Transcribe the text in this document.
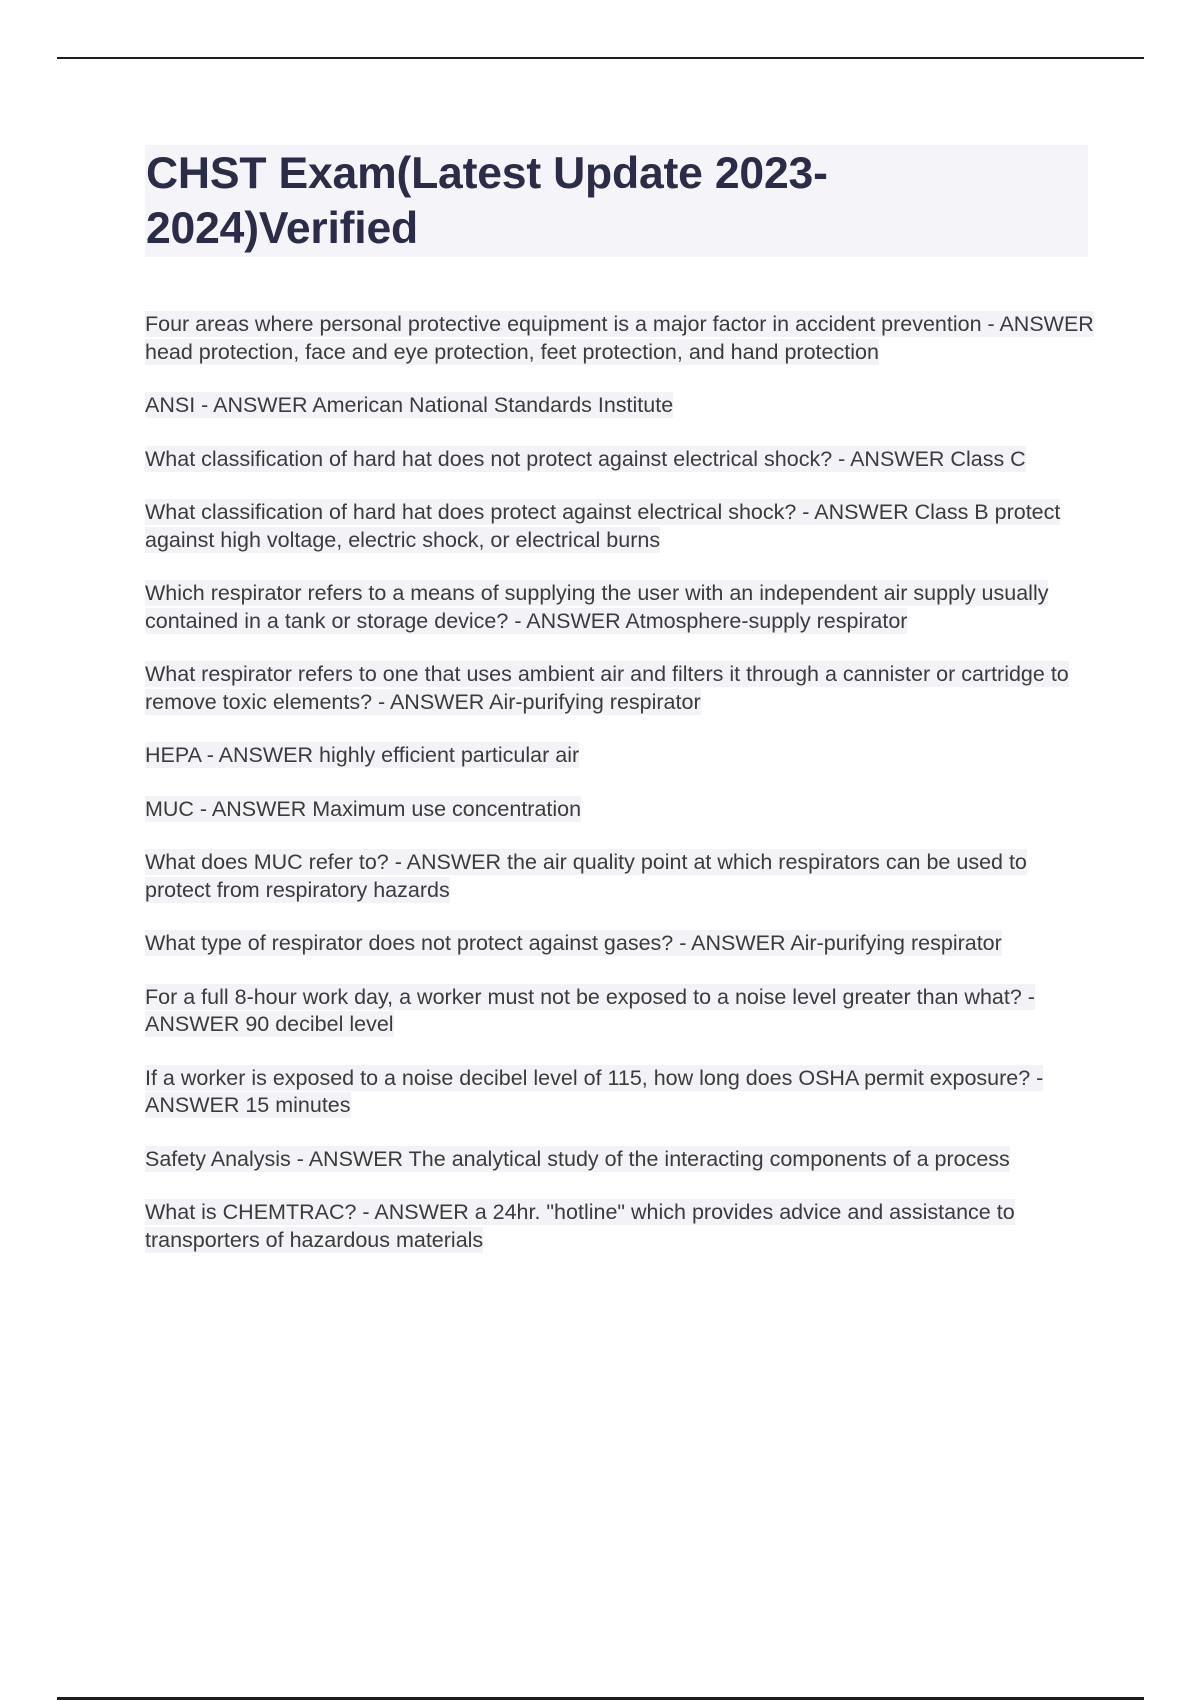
CHST Exam(Latest Update 2023-
2024)Verified

Four areas where personal protective equipment is a major factor in accident prevention - ANSWER head protection, face and eye protection, feet protection, and hand protection

ANSI - ANSWER American National Standards Institute

What classification of hard hat does not protect against electrical shock? - ANSWER Class C

What classification of hard hat does protect against electrical shock? - ANSWER Class B protect against high voltage, electric shock, or electrical burns

Which respirator refers to a means of supplying the user with an independent air supply usually contained in a tank or storage device? - ANSWER Atmosphere-supply respirator

What respirator refers to one that uses ambient air and filters it through a cannister or cartridge to remove toxic elements? - ANSWER Air-purifying respirator

HEPA - ANSWER highly efficient particular air

MUC - ANSWER Maximum use concentration

What does MUC refer to? - ANSWER the air quality point at which respirators can be used to protect from respiratory hazards

What type of respirator does not protect against gases? - ANSWER Air-purifying respirator

For a full 8-hour work day, a worker must not be exposed to a noise level greater than what? - ANSWER 90 decibel level

If a worker is exposed to a noise decibel level of 115, how long does OSHA permit exposure? - ANSWER 15 minutes

Safety Analysis - ANSWER The analytical study of the interacting components of a process

What is CHEMTRAC? - ANSWER a 24hr. "hotline" which provides advice and assistance to transporters of hazardous materials
